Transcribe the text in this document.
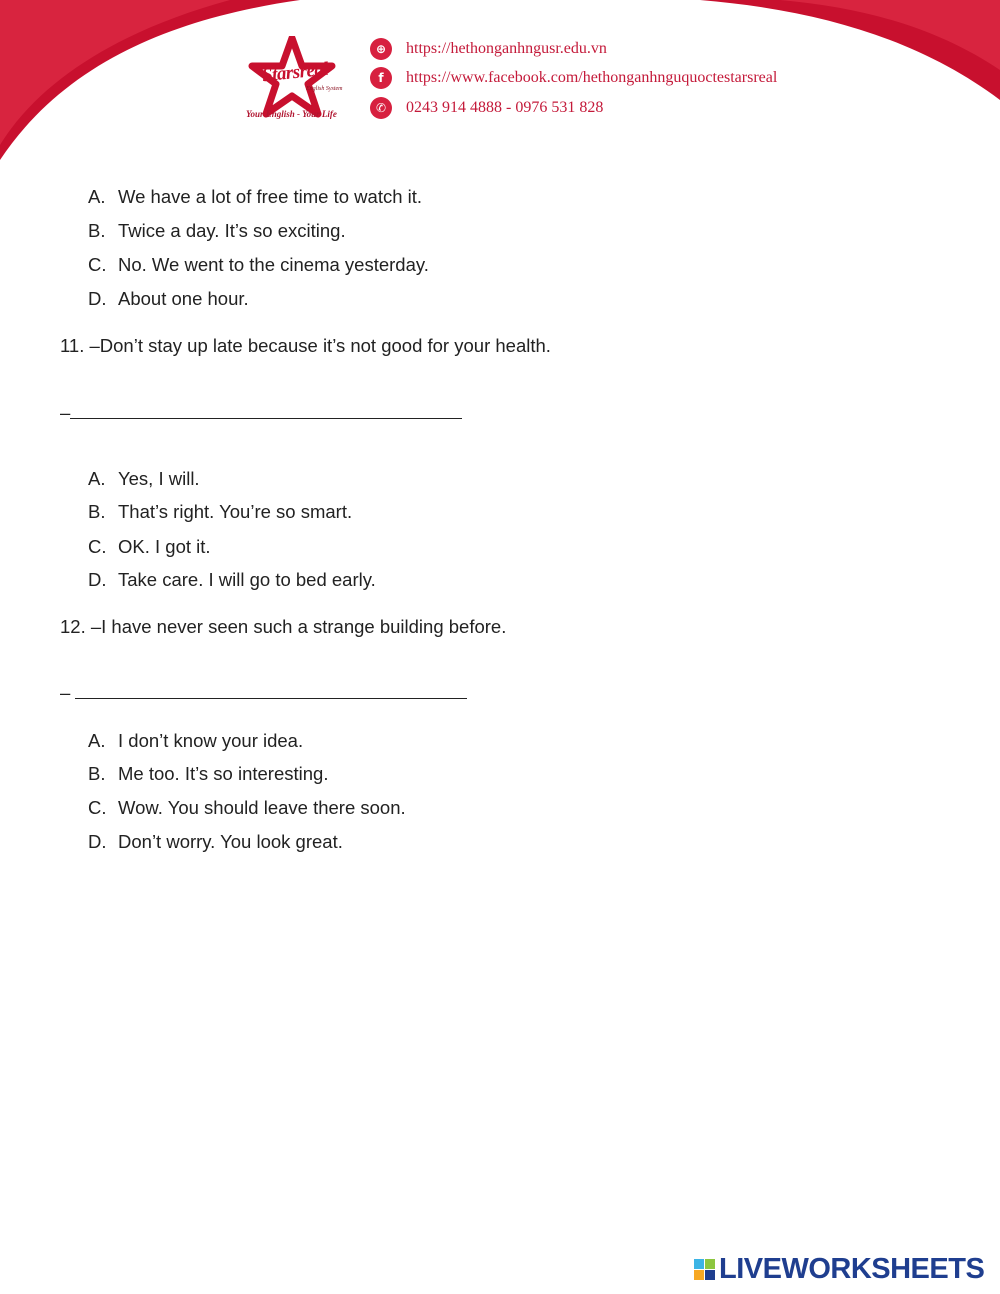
Starsreal
English System
Your English - Your Life
⊕	https://hethonganhngusr.edu.vn
f	https://www.facebook.com/hethonganhnguquoctestarsreal
✆	0243 914 4888 - 0976 531 828
A. We have a lot of free time to watch it.
B. Twice a day. It’s so exciting.
C. No. We went to the cinema yesterday.
D. About one hour.
11. –Don’t stay up late because it’s not good for your health.
–
A. Yes, I will.
B. That’s right. You’re so smart.
C. OK. I got it.
D. Take care. I will go to bed early.
12. –I have never seen such a strange building before.
–
A. I don’t know your idea.
B. Me too. It’s so interesting.
C. Wow. You should leave there soon.
D. Don’t worry. You look great.
LIVEWORKSHEETS
